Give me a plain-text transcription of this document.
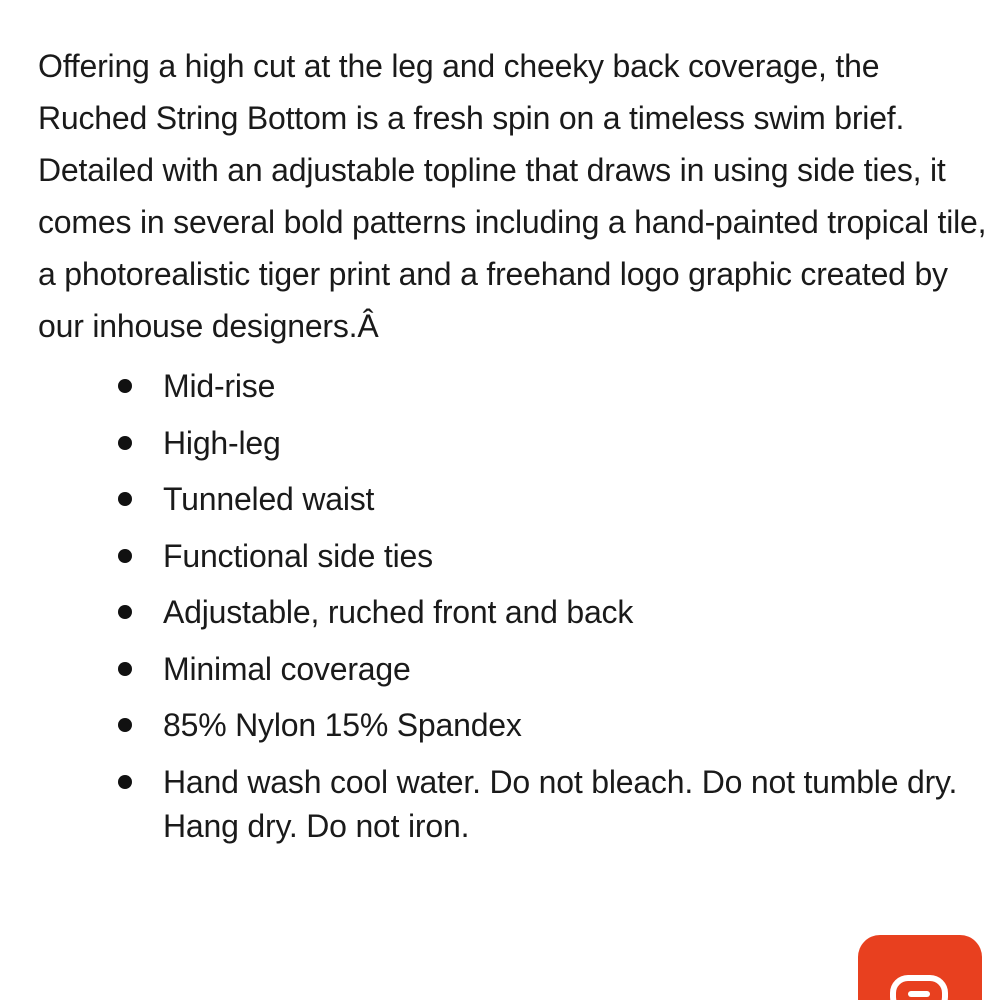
Offering a high cut at the leg and cheeky back coverage, the Ruched String Bottom is a fresh spin on a timeless swim brief. Detailed with an adjustable topline that draws in using side ties, it comes in several bold patterns including a hand-painted tropical tile, a photorealistic tiger print and a freehand logo graphic created by our inhouse designers.Â

Mid-rise
High-leg
Tunneled waist
Functional side ties
Adjustable, ruched front and back
Minimal coverage
85% Nylon 15% Spandex
Hand wash cool water. Do not bleach. Do not tumble dry. Hang dry. Do not iron.
